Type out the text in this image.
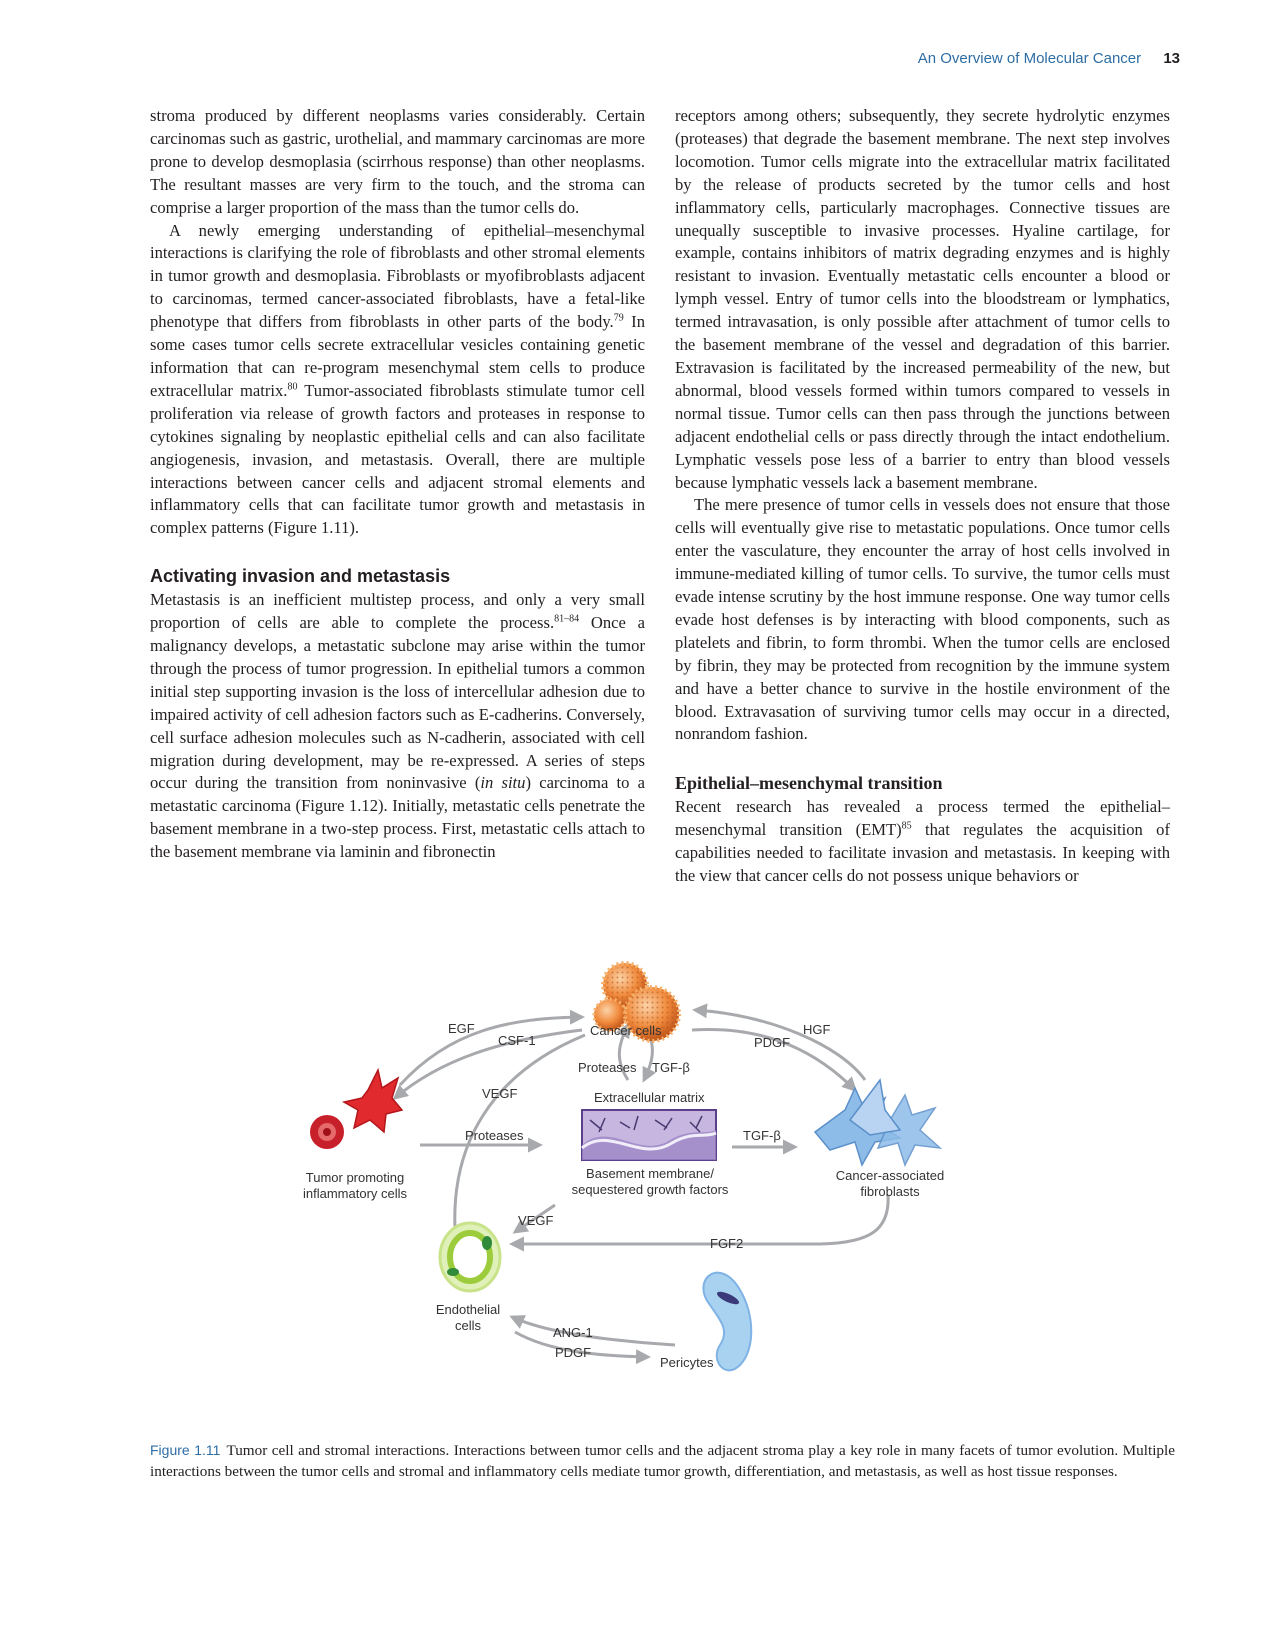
An Overview of Molecular Cancer 13

stroma produced by different neoplasms varies considerably. Certain carcinomas such as gastric, urothelial, and mammary carcinomas are more prone to develop desmoplasia (scirrhous response) than other neoplasms. The resultant masses are very firm to the touch, and the stroma can comprise a larger proportion of the mass than the tumor cells do.

A newly emerging understanding of epithelial–mesenchymal interactions is clarifying the role of fibroblasts and other stromal elements in tumor growth and desmoplasia. Fibroblasts or myofibroblasts adjacent to carcinomas, termed cancer-associated fibroblasts, have a fetal-like phenotype that differs from fibroblasts in other parts of the body.$^{79}$ In some cases tumor cells secrete extracellular vesicles containing genetic information that can re-program mesenchymal stem cells to produce extracellular matrix.$^{80}$ Tumor-associated fibroblasts stimulate tumor cell proliferation via release of growth factors and proteases in response to cytokines signaling by neoplastic epithelial cells and can also facilitate angiogenesis, invasion, and metastasis. Overall, there are multiple interactions between cancer cells and adjacent stromal elements and inflammatory cells that can facilitate tumor growth and metastasis in complex patterns (Figure 1.11).

Activating invasion and metastasis

Metastasis is an inefficient multistep process, and only a very small proportion of cells are able to complete the process.$^{81-84}$ Once a malignancy develops, a metastatic subclone may arise within the tumor through the process of tumor progression. In epithelial tumors a common initial step supporting invasion is the loss of intercellular adhesion due to impaired activity of cell adhesion factors such as E-cadherins. Conversely, cell surface adhesion molecules such as N-cadherin, associated with cell migration during development, may be re-expressed. A series of steps occur during the transition from noninvasive (in situ) carcinoma to a metastatic carcinoma (Figure 1.12). Initially, metastatic cells penetrate the basement membrane in a two-step process. First, metastatic cells attach to the basement membrane via laminin and fibronectin

receptors among others; subsequently, they secrete hydrolytic enzymes (proteases) that degrade the basement membrane. The next step involves locomotion. Tumor cells migrate into the extracellular matrix facilitated by the release of products secreted by the tumor cells and host inflammatory cells, particularly macrophages. Connective tissues are unequally susceptible to invasive processes. Hyaline cartilage, for example, contains inhibitors of matrix degrading enzymes and is highly resistant to invasion. Eventually metastatic cells encounter a blood or lymph vessel. Entry of tumor cells into the bloodstream or lymphatics, termed intravasation, is only possible after attachment of tumor cells to the basement membrane of the vessel and degradation of this barrier. Extravasion is facilitated by the increased permeability of the new, but abnormal, blood vessels formed within tumors compared to vessels in normal tissue. Tumor cells can then pass through the junctions between adjacent endothelial cells or pass directly through the intact endothelium. Lymphatic vessels pose less of a barrier to entry than blood vessels because lymphatic vessels lack a basement membrane.

The mere presence of tumor cells in vessels does not ensure that those cells will eventually give rise to metastatic populations. Once tumor cells enter the vasculature, they encounter the array of host cells involved in immune-mediated killing of tumor cells. To survive, the tumor cells must evade intense scrutiny by the host immune response. One way tumor cells evade host defenses is by interacting with blood components, such as platelets and fibrin, to form thrombi. When the tumor cells are enclosed by fibrin, they may be protected from recognition by the immune system and have a better chance to survive in the hostile environment of the blood. Extravasation of surviving tumor cells may occur in a directed, nonrandom fashion.

Epithelial–mesenchymal transition

Recent research has revealed a process termed the epithelial–mesenchymal transition (EMT)$^{85}$ that regulates the acquisition of capabilities needed to facilitate invasion and metastasis. In keeping with the view that cancer cells do not possess unique behaviors or

Cancer cells
EGF
CSF-1	PDGF
HGF
Proteases TGF-β
VEGF	Extracellular matrix
Proteases	TGF-β
Tumor promoting
inflammatory cells
Basement membrane/
sequestered growth factors
Cancer-associated
fibroblasts
VEGF
FGF2
Endothelial
cells	ANG-1
PDGF
Pericytes
Figure 1.11 Tumor cell and stromal interactions. Interactions between tumor cells and the adjacent stroma play a key role in many facets of tumor evolution. Multiple interactions between the tumor cells and stromal and inflammatory cells mediate tumor growth, differentiation, and metastasis, as well as host tissue responses.
